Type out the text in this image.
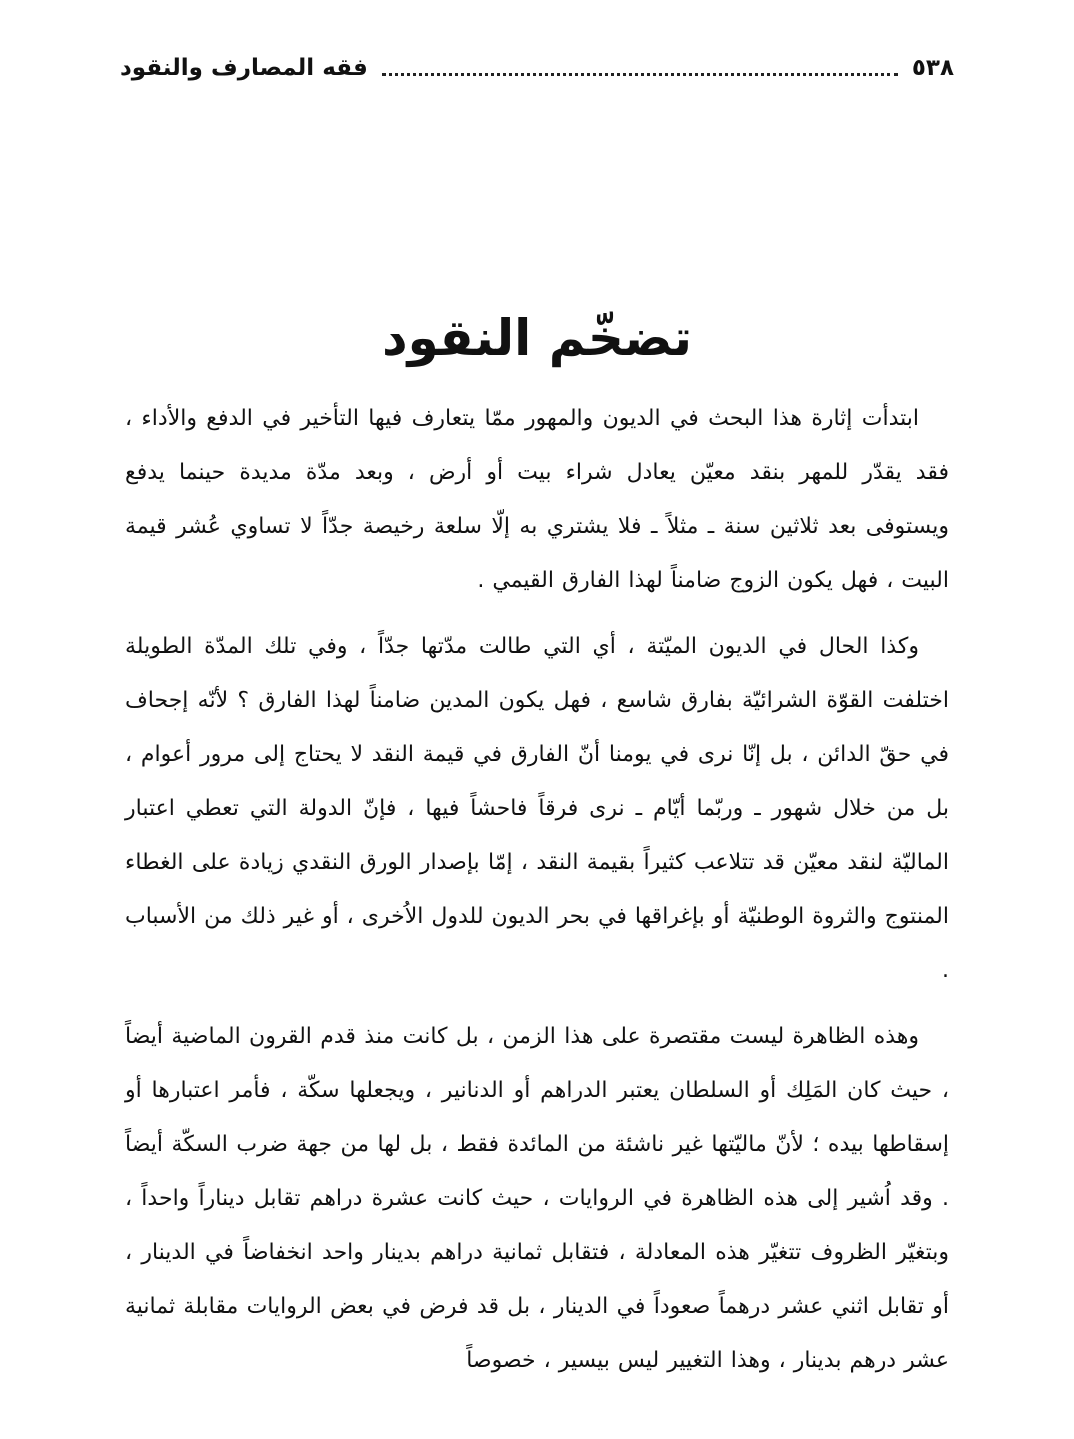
٥٣٨
فقه المصارف والنقود
تضخّم النقود

ابتدأت إثارة هذا البحث في الديون والمهور ممّا يتعارف فيها التأخير في الدفع والأداء ، فقد يقدّر للمهر بنقد معيّن يعادل شراء بيت أو أرض ، وبعد مدّة مديدة حينما يدفع ويستوفى بعد ثلاثين سنة ـ مثلاً ـ فلا يشتري به إلّا سلعة رخيصة جدّاً لا تساوي عُشر قيمة البيت ، فهل يكون الزوج ضامناً لهذا الفارق القيمي .

وكذا الحال في الديون الميّتة ، أي التي طالت مدّتها جدّاً ، وفي تلك المدّة الطويلة اختلفت القوّة الشرائيّة بفارق شاسع ، فهل يكون المدين ضامناً لهذا الفارق ؟ لأنّه إجحاف في حقّ الدائن ، بل إنّا نرى في يومنا أنّ الفارق في قيمة النقد لا يحتاج إلى مرور أعوام ، بل من خلال شهور ـ وربّما أيّام ـ نرى فرقاً فاحشاً فيها ، فإنّ الدولة التي تعطي اعتبار الماليّة لنقد معيّن قد تتلاعب كثيراً بقيمة النقد ، إمّا بإصدار الورق النقدي زيادة على الغطاء المنتوج والثروة الوطنيّة أو بإغراقها في بحر الديون للدول الاُخرى ، أو غير ذلك من الأسباب .

وهذه الظاهرة ليست مقتصرة على هذا الزمن ، بل كانت منذ قدم القرون الماضية أيضاً ، حيث كان المَلِك أو السلطان يعتبر الدراهم أو الدنانير ، ويجعلها سكّة ، فأمر اعتبارها أو إسقاطها بيده ؛ لأنّ ماليّتها غير ناشئة من المائدة فقط ، بل لها من جهة ضرب السكّة أيضاً . وقد اُشير إلى هذه الظاهرة في الروايات ، حيث كانت عشرة دراهم تقابل ديناراً واحداً ، وبتغيّر الظروف تتغيّر هذه المعادلة ، فتقابل ثمانية دراهم بدينار واحد انخفاضاً في الدينار ، أو تقابل اثني عشر درهماً صعوداً في الدينار ، بل قد فرض في بعض الروايات مقابلة ثمانية عشر درهم بدينار ، وهذا التغيير ليس بيسير ، خصوصاً
